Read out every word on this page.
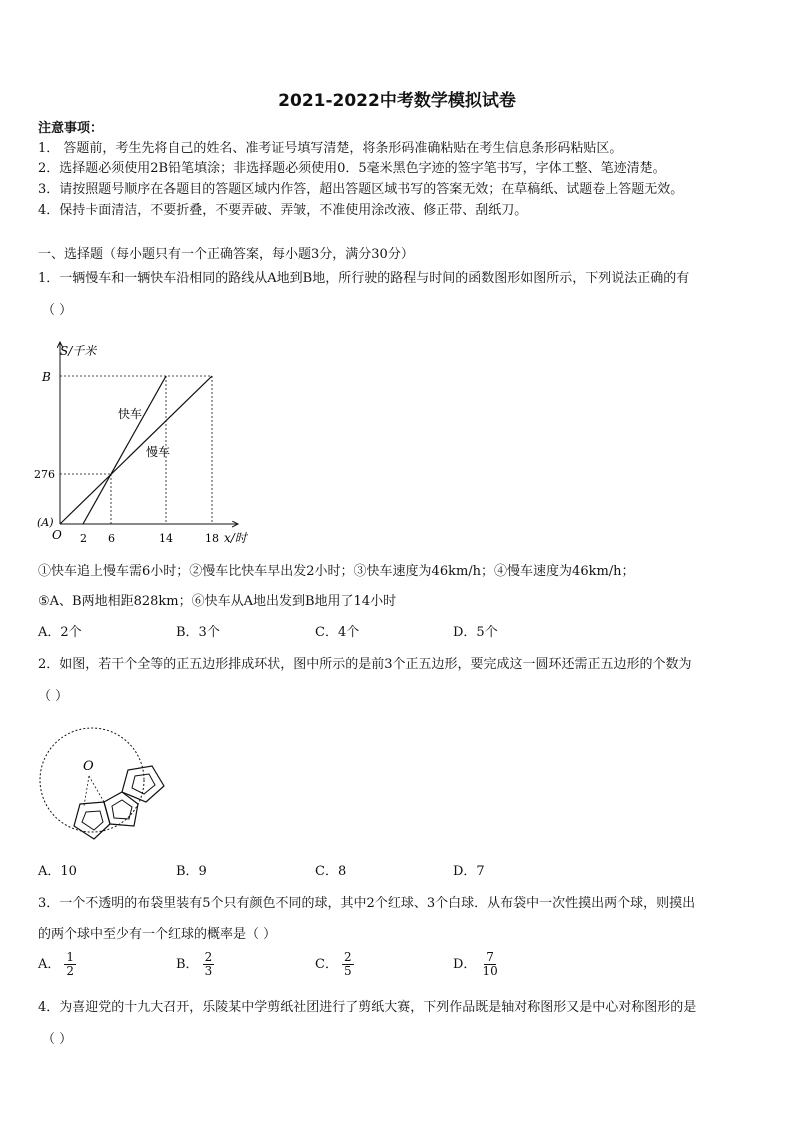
2021-2022中考数学模拟试卷
注意事项：
1． 答题前，考生先将自己的姓名、准考证号填写清楚，将条形码准确粘贴在考生信息条形码粘贴区。
2．选择题必须使用2B铅笔填涂；非选择题必须使用0．5毫米黑色字迹的签字笔书写，字体工整、笔迹清楚。
3．请按照题号顺序在各题目的答题区域内作答，超出答题区域书写的答案无效；在草稿纸、试题卷上答题无效。
4．保持卡面清洁，不要折叠，不要弄破、弄皱，不准使用涂改液、修正带、刮纸刀。
一、选择题（每小题只有一个正确答案，每小题3分，满分30分）
1．一辆慢车和一辆快车沿相同的路线从A地到B地，所行驶的路程与时间的函数图形如图所示，下列说法正确的有
（ ）
S/千米
B
276
(A)
O 2 6	14	18 x/时
快车
慢车
①快车追上慢车需6小时；②慢车比快车早出发2小时；③快车速度为46km/h；④慢车速度为46km/h；
⑤A、B两地相距828km；⑥快车从A地出发到B地用了14小时
A．2个	B．3个	C．4个	D．5个
2．如图，若干个全等的正五边形排成环状，图中所示的是前3个正五边形，要完成这一圆环还需正五边形的个数为
（ ）
O
A．10	B．9	C．8	D．7
3．一个不透明的布袋里装有5个只有颜色不同的球，其中2个红球、3个白球．从布袋中一次性摸出两个球，则摸出
的两个球中至少有一个红球的概率是（ ）
A． $\frac{1}{2}$	B． $\frac{2}{3}$	C． $\frac{2}{5}$	D． $\frac{7}{10}$
4．为喜迎党的十九大召开，乐陵某中学剪纸社团进行了剪纸大赛，下列作品既是轴对称图形又是中心对称图形的是
（ ）
